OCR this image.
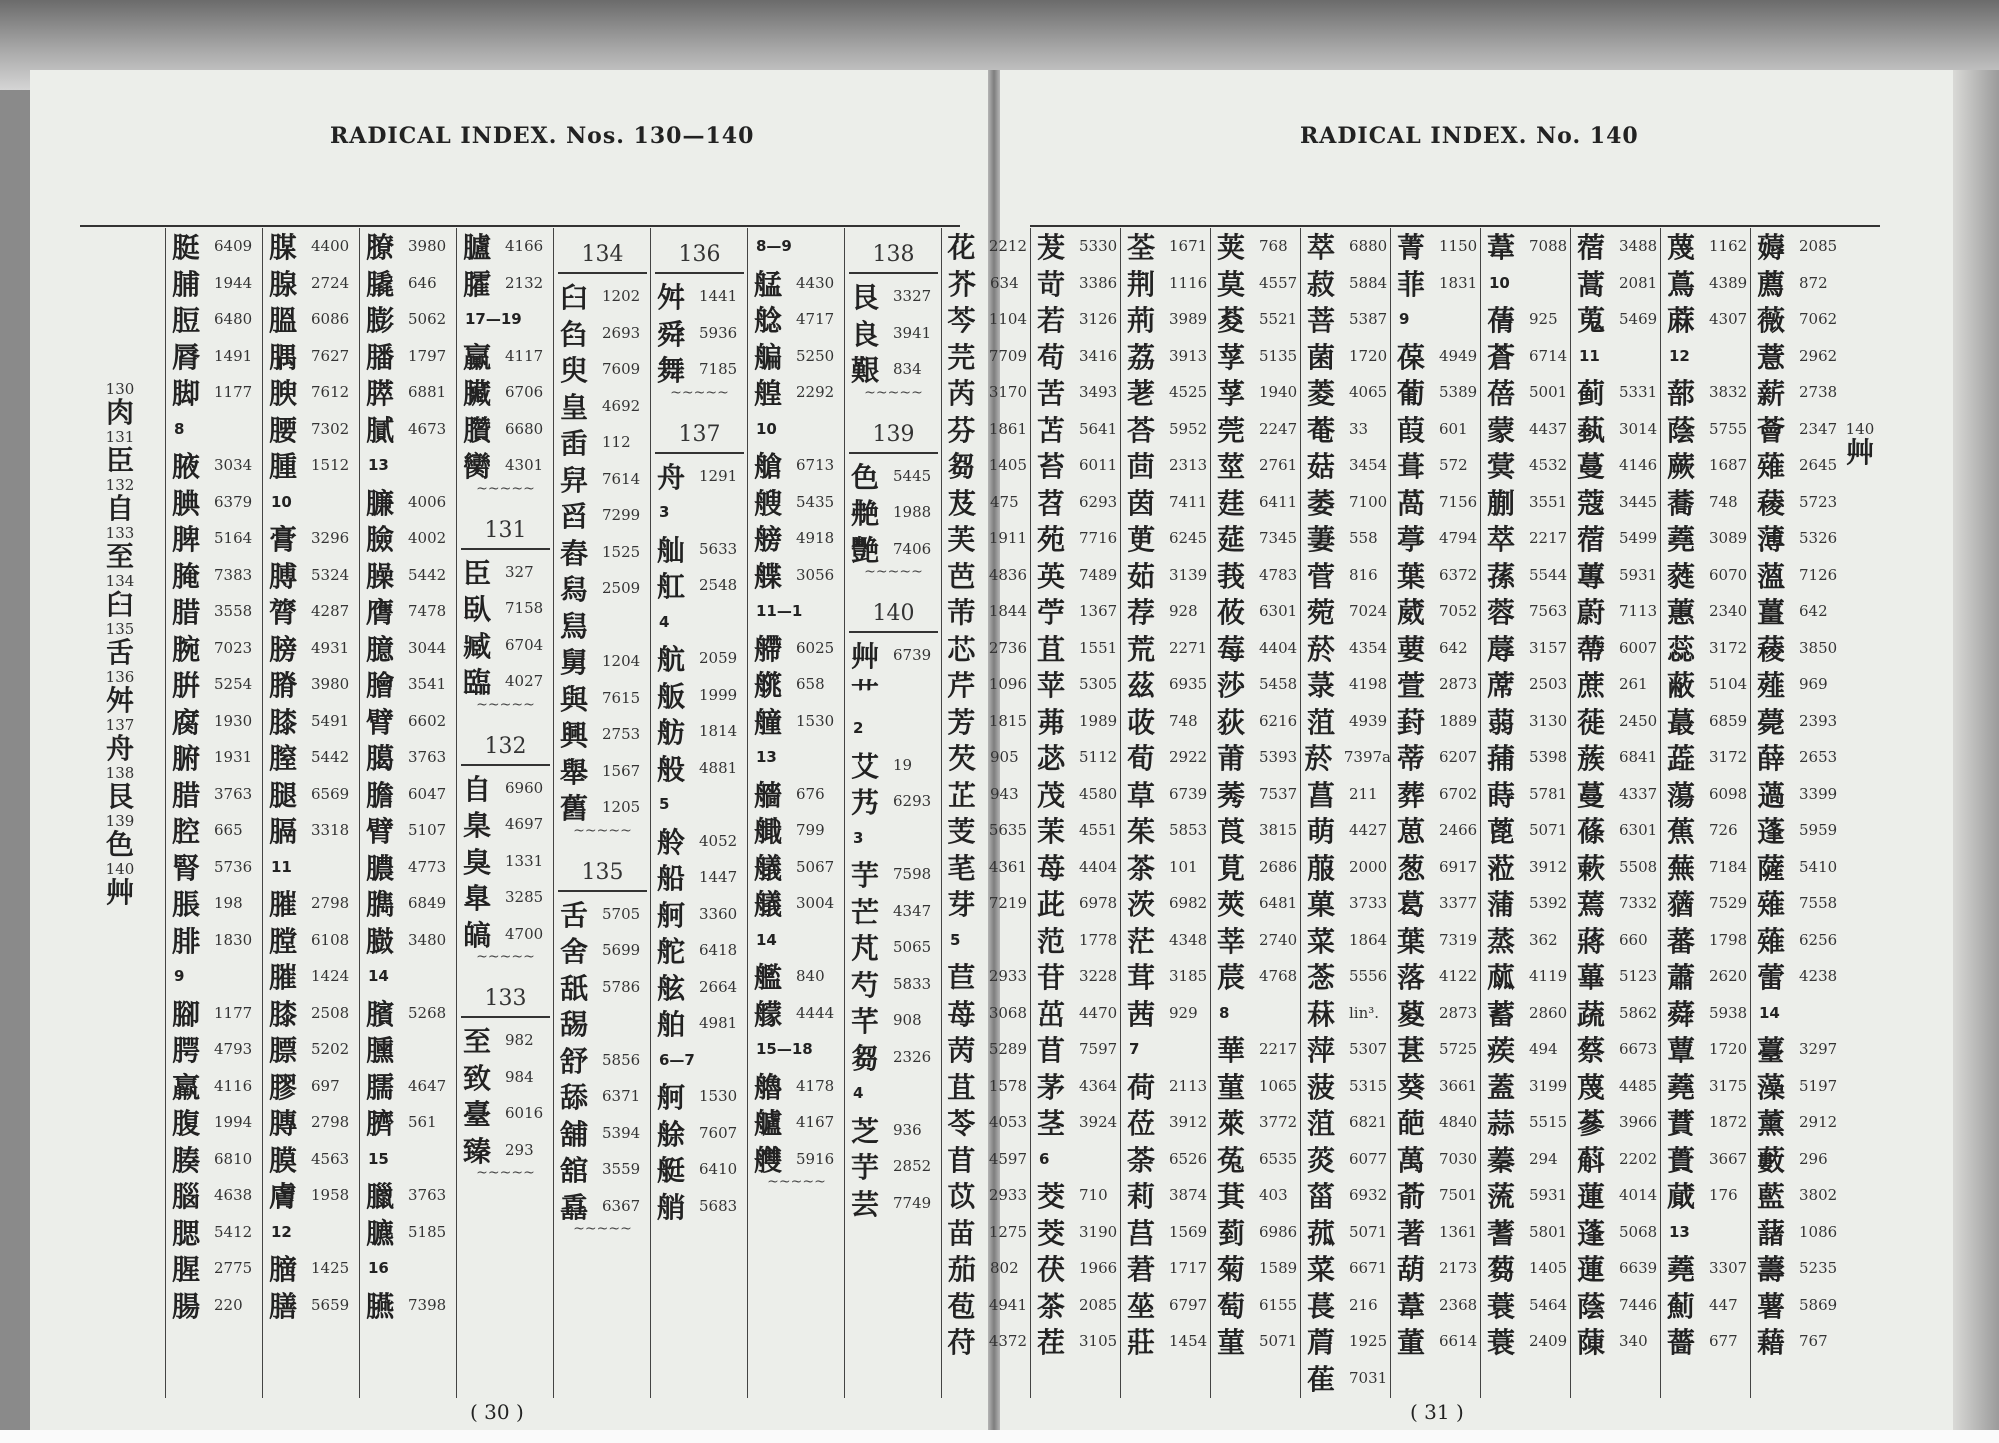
RADICAL INDEX. Nos. 130—140	RADICAL INDEX. No. 140
130
肉
131
臣
132
自
133
至
134
臼
135
舌
136
舛
137
舟
138
艮
139
色
140
艸
140
艸
脡 6409
脯 1944
脰 6480
脣 1491
脚 1177
8
腋 3034
腆 6379
脾 5164
腌 7383
腊 3558
腕 7023
腁 5254
腐 1930
腑 1931
腊 3763
腔 665
腎 5736
脹 198
腓 1830
9
腳 1177
腭 4793
羸 4116
腹 1994
腠 6810
腦 4638
腮 5412
腥 2775
腸 220
腜 4400
腺 2724
膃 6086
腢 7627
腴 7612
腰 7302
腫 1512
10
膏 3296
膊 5324
膂 4287
膀 4931
膌 3980
膝 5491
膣 5442
腿 6569
膈 3318
11
膗 2798
膛 6108
膗 1424
膝 2508
膘 5202
膠 697
膞 2798
膜 4563
膚 1958
12
膪 1425
膳 5659
膫 3980
膬 646
膨 5062
膰 1797
膵 6881
膩 4673
13
臁 4006
臉 4002
臊 5442
膺 7478
臆 3044
膾 3541
臂 6602
臈 3763
膽 6047
臂 5107
膿 4773
臇 6849
臌 3480
14
臏 5268
臐
臑 4647
臍 561
15
臘 3763
臕 5185
16
臙 7398
臚 4166
臛 2132
17—19
臝 4117
臟 6706
臢 6680
臠 4301
~~~~~
131
臣 327
臥 7158
臧 6704
臨 4027
~~~~~
132
自 6960
臬 4697
臭 1331
臯 3285
皜 4700
~~~~~
133
至 982
致 984
臺 6016
臻 293
~~~~~
134
臼 1202
臽 2693
臾 7609
皇 4692
臿 112
舁 7614
舀 7299
舂 1525
舄 2509
舃
舅 1204
與 7615
興 2753
舉 1567
舊 1205
~~~~~
135
舌 5705
舍 5699
舐 5786
舓
舒 5856
舔 6371
舖 5394
舘 3559
舙 6367
~~~~~
136
舛 1441
舜 5936
舞 7185
~~~~~
137
舟 1291
3
舢 5633
舡 2548
4
航 2059
舨 1999
舫 1814
般 4881
5
舲 4052
船 1447
舸 3360
舵 6418
舷 2664
舶 4981
6—7
舸 1530
艅 7607
艇 6410
艄 5683
8—9
艋 4430
艌 4717
艑 5250
艎 2292
10
艙 6713
艘 5435
艕 4918
艓 3056
11—1
艜 6025
艞 658
艟 1530
13
艢 676
艥 799
艤 5067
艤 3004
14
艦 840
艨 4444
15—18
艪 4178
艫 4167
艭 5916
~~~~~
138
艮 3327
良 3941
艱 834
~~~~~
139
色 5445
艴 1988
艷 7406
~~~~~
140
艸 6739
艹
2
艾 19
艿 6293
3
芋 7598
芒 4347
芃 5065
芍 5833
芊 908
芻 2326
4
芝 936
芋 2852
芸 7749
花 2212
芥 634
芩 1104
芫 7709
芮 3170
芬 1861
芻 1405
芨 475
芙 1911
芭 4836
芾 1844
芯 2736
芹 1096
芳 1815
芡 905
芷 943
芰 5635
芼 4361
芽 7219
5
苣 2933
苺 3068
苪 5289
苴 1578
苓 4053
苜 4597
苡 2933
苗 1275
茄 802
苞 4941
苻 4372
茇 5330
苛 3386
若 3126
苟 3416
苦 3493
苫 5641
苔 6011
苕 6293
苑 7716
英 7489
苧 1367
苴 1551
苹 5305
茀 1989
苾 5112
茂 4580
茉 4551
苺 4404
茈 6978
范 1778
苷 3228
茁 4470
苜 7597
茅 4364
茎 3924
6
茭 710
茭 3190
茯 1966
茶 2085
茬 3105
荃 1671
荆 1116
荊 3989
荔 3913
荖 4525
荅 5952
茴 2313
茵 7411
茰 6245
茹 3139
荐 928
荒 2271
茲 6935
荍 748
荀 2922
草 6739
茱 5853
茶 101
茨 6982
茫 4348
茸 3185
茜 929
7
荷 2113
莅 3912
荼 6526
莉 3874
莒 1569
莙 1717
莝 6797
莊 1454
荚 768
莫 4557
荾 5521
莩 5135
莩 1940
莞 2247
莖 2761
莛 6411
莚 7345
莪 4783
莜 6301
莓 4404
莎 5458
荻 6216
莆 5393
莠 7537
莨 3815
莧 2686
莢 6481
莘 2740
莀 4768
8
華 2217
菫 1065
萊 3772
菟 6535
萁 403
菿 6986
菊 1589
萄 6155
菫 5071
萃 6880
菽 5884
菩 5387
菌 1720
菱 4065
菴 33
菇 3454
萎 7100
萋 558
菅 816
菀 7024
菸 4354
菉 4198
菹 4939
菸 7397a
菖 211
萌 4427
菔 2000
菓 3733
菜 1864
菍 5556
菻 lin³.
萍 5307
菠 5315
菹 6821
菼 6077
菑 6932
菰 5071
菜 6671
萇 216
菺 1925
萑 7031
菁 1150
菲 1831
9
葆 4949
葡 5389
葭 601
葺 572
萵 7156
葶 4794
葉 6372
葳 7052
葽 642
萱 2873
葑 1889
蒂 6207
葬 6702
葸 2466
葱 6917
葛 3377
葉 7319
落 4122
葼 2873
葚 5725
葵 3661
葩 4840
萬 7030
萮 7501
著 1361
葫 2173
葦 2368
董 6614
葦 7088
10
蒨 925
蒼 6714
蓓 5001
蒙 4437
蓂 4532
蒯 3551
萃 2217
蓀 5544
蓉 7563
蓐 3157
蓆 2503
蒻 3130
蒱 5398
蒔 5781
蓖 5071
蒞 3912
蒲 5392
蒸 362
蓏 4119
蓄 2860
蒺 494
蓋 3199
蒜 5515
蓁 294
蓅 5931
蓍 5801
蒭 1405
蓑 5464
蓑 2409
蓿 3488
蒿 2081
蒐 5469
11
蓟 5331
蓺 3014
蔓 4146
蔻 3445
蓿 5499
蓴 5931
蔚 7113
蔕 6007
蔗 261
蓰 2450
蔟 6841
蔓 4337
蓧 6301
蔌 5508
蔫 7332
蔣 660
蓽 5123
蔬 5862
蔡 6673
蔑 4485
蔘 3966
蔛 2202
蓮 4014
蓬 5068
蓮 6639
蔭 7446
蔯 340
蔑 1162
蔦 4389
蔴 4307
12
蔀 3832
蔭 5755
蕨 1687
蕎 748
蕘 3089
蕤 6070
蕙 2340
蕊 3172
蔽 5104
蕞 6859
蕋 3172
蕩 6098
蕉 726
蕪 7184
蕕 7529
蕃 1798
蕭 2620
蕣 5938
蕈 1720
蕘 3175
蕡 1872
蕢 3667
蕆 176
13
蕘 3307
薊 447
薔 677
薅 2085
薦 872
薇 7062
薏 2962
薪 2738
薈 2347
薙 2645
薐 5723
薄 5326
薀 7126
薑 642
薐 3850
薤 969
薨 2393
薛 2653
薖 3399
蓬 5959
薩 5410
薙 7558
薙 6256
蕾 4238
14
薹 3297
藻 5197
薰 2912
藪 296
藍 3802
藷 1086
薵 5235
薯 5869
藉 767
( 30 )	( 31 )
